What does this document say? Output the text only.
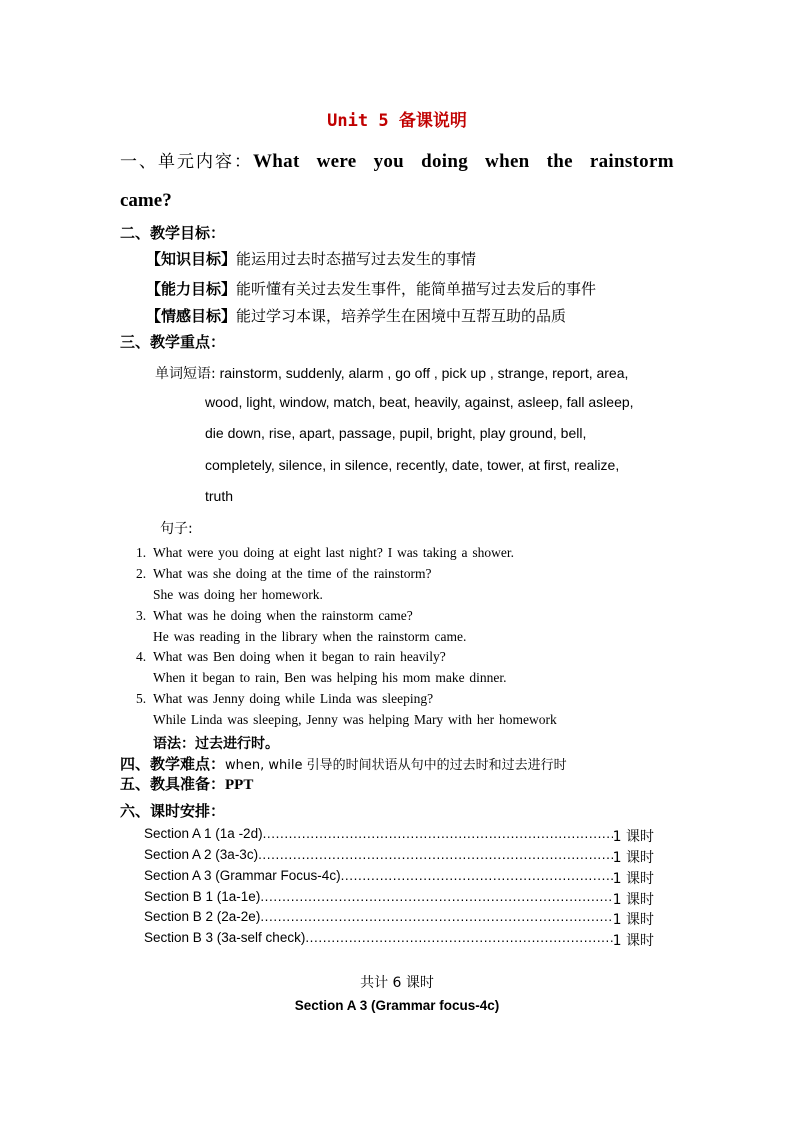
Unit 5 备课说明
一、单元内容：What were you doing when the rainstorm
came?
二、教学目标：
【知识目标】能运用过去时态描写过去发生的事情
【能力目标】能听懂有关过去发生事件，能简单描写过去发后的事件
【情感目标】能过学习本课，培养学生在困境中互帮互助的品质
三、教学重点：
单词短语: rainstorm, suddenly, alarm , go off , pick up , strange, report, area,
wood, light, window, match, beat, heavily, against, asleep, fall asleep,
die down, rise, apart, passage, pupil, bright, play ground, bell,
completely, silence, in silence, recently, date, tower, at first, realize,
truth
句子:
1. What were you doing at eight last night? I was taking a shower.
2. What was she doing at the time of the rainstorm?
She was doing her homework.
3. What was he doing when the rainstorm came?
He was reading in the library when the rainstorm came.
4. What was Ben doing when it began to rain heavily?
When it began to rain, Ben was helping his mom make dinner.
5. What was Jenny doing while Linda was sleeping?
While Linda was sleeping, Jenny was helping Mary with her homework
语法：过去进行时。
四、教学难点：when, while 引导的时间状语从句中的过去时和过去进行时
五、教具准备：PPT
六、课时安排：
Section A 1 (1a -2d) .....	1 课时
Section A 2 (3a-3c) .....	1 课时
Section A 3 (Grammar Focus-4c) .....	1 课时
Section B 1 (1a-1e) .....	1 课时
Section B 2 (2a-2e) .....	1 课时
Section B 3 (3a-self check) .....	1 课时
共计 6 课时
Section A 3 (Grammar focus-4c)
